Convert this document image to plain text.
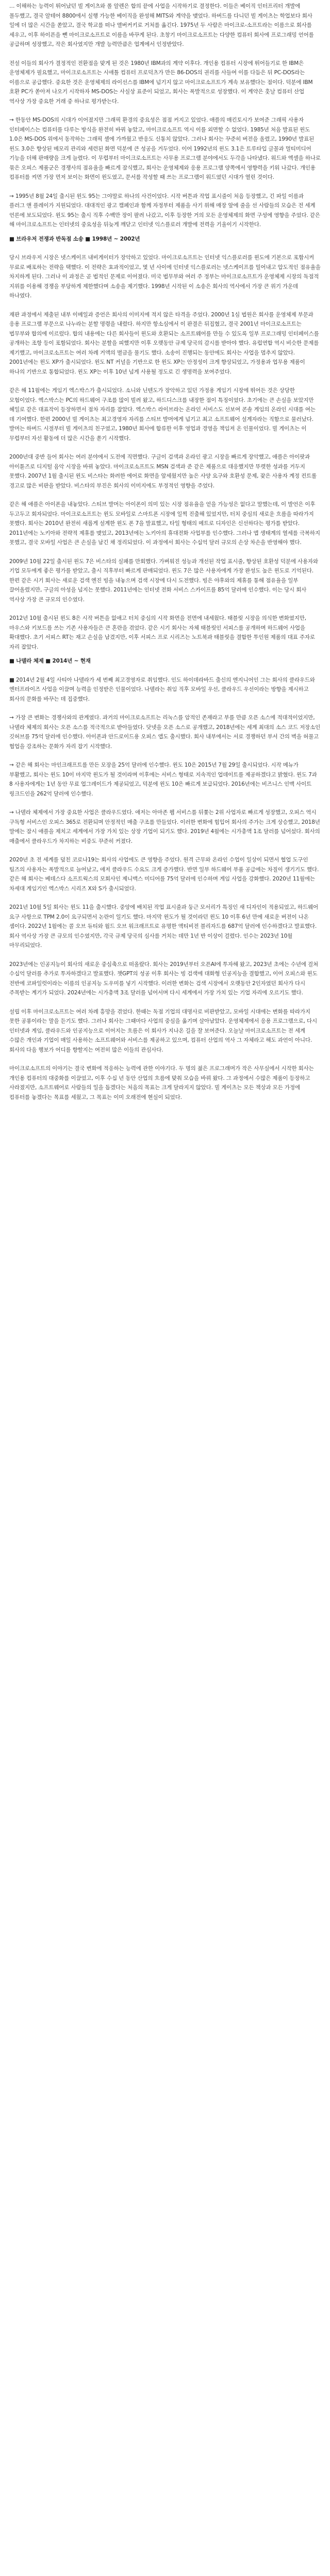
… 이해하는 능력이 뛰어났던 빌 게이츠와 폴 알렌은 합의 끝에 사업을 시작하기로 결정한다. 이들은 베이직 인터프리터 개발에 몰두했고, 결국 알테어 8800에서 실행 가능한 베이직을 완성해 MITS와 계약을 맺었다. 하버드를 다니던 빌 게이츠는 학업보다 회사 일에 더 많은 시간을 쏟았고, 결국 학교를 떠나 앨버커키로 거처를 옮긴다. 1975년 두 사람은 마이크로-소프트라는 이름으로 회사를 세우고, 이후 하이픈을 뺀 마이크로소프트로 이름을 바꾸게 된다. 초창기 마이크로소프트는 다양한 컴퓨터 회사에 프로그래밍 언어를 공급하며 성장했고, 작은 회사였지만 개발 능력만큼은 업계에서 인정받았다.

전설 이들의 회사가 결정적인 전환점을 맞게 된 것은 1980년 IBM과의 계약 이후다. 개인용 컴퓨터 시장에 뛰어들기로 한 IBM은 운영체제가 필요했고, 마이크로소프트는 시애틀 컴퓨터 프로덕츠가 만든 86-DOS의 권리를 사들여 이를 다듬은 뒤 PC-DOS라는 이름으로 공급했다. 중요한 것은 운영체제의 라이선스를 IBM에 넘기지 않고 마이크로소프트가 계속 보유했다는 점이다. 덕분에 IBM 호환 PC가 쏟아져 나오기 시작하자 MS-DOS는 사실상 표준이 되었고, 회사는 폭발적으로 성장했다. 이 계약은 훗날 컴퓨터 산업 역사상 가장 중요한 거래 중 하나로 평가받는다.

→ 한동안 MS-DOS의 시대가 이어졌지만 그래픽 환경의 중요성은 점점 커지고 있었다. 애플의 매킨토시가 보여준 그래픽 사용자 인터페이스는 컴퓨터를 다루는 방식을 완전히 바꿔 놓았고, 마이크로소프트 역시 이를 외면할 수 없었다. 1985년 처음 발표된 윈도 1.0은 MS-DOS 위에서 동작하는 그래픽 셸에 가까웠고 반응도 신통치 않았다. 그러나 회사는 꾸준히 버전을 올렸고, 1990년 발표된 윈도 3.0은 향상된 메모리 관리와 세련된 화면 덕분에 큰 성공을 거두었다. 이어 1992년의 윈도 3.1은 트루타입 글꼴과 멀티미디어 기능을 더해 판매량을 크게 늘렸다. 이 무렵부터 마이크로소프트는 사무용 프로그램 분야에서도 두각을 나타냈다. 워드와 엑셀을 하나로 묶은 오피스 제품군은 경쟁사의 점유율을 빠르게 잠식했고, 회사는 운영체제와 응용 프로그램 양쪽에서 영향력을 키워 나갔다. 개인용 컴퓨터를 켜면 가장 먼저 보이는 화면이 윈도였고, 문서를 작성할 때 쓰는 프로그램이 워드였던 시대가 열린 것이다.

→ 1995년 8월 24일 출시된 윈도 95는 그야말로 하나의 사건이었다. 시작 버튼과 작업 표시줄이 처음 등장했고, 긴 파일 이름과 플러그 앤 플레이가 지원되었다. 대대적인 광고 캠페인과 함께 자정부터 제품을 사기 위해 매장 앞에 줄을 선 사람들의 모습은 전 세계 언론에 보도되었다. 윈도 95는 출시 직후 수백만 장이 팔려 나갔고, 이후 등장한 거의 모든 운영체제의 화면 구성에 영향을 주었다. 같은 해 마이크로소프트는 인터넷의 중요성을 뒤늦게 깨닫고 인터넷 익스플로러 개발에 전력을 기울이기 시작한다.

■ 브라우저 전쟁과 반독점 소송 ■ 1998년 ~ 2002년

당시 브라우저 시장은 넷스케이프 내비게이터가 장악하고 있었다. 마이크로소프트는 인터넷 익스플로러를 윈도에 기본으로 포함시켜 무료로 배포하는 전략을 택했다. 이 전략은 효과적이었고, 몇 년 사이에 인터넷 익스플로러는 넷스케이프를 밀어내고 압도적인 점유율을 차지하게 된다. 그러나 이 과정은 곧 법적인 문제로 이어졌다. 미국 법무부와 여러 주 정부는 마이크로소프트가 운영체제 시장의 독점적 지위를 이용해 경쟁을 부당하게 제한했다며 소송을 제기했다. 1998년 시작된 이 소송은 회사의 역사에서 가장 큰 위기 가운데 하나였다.

재판 과정에서 제출된 내부 이메일과 증언은 회사의 이미지에 적지 않은 타격을 주었다. 2000년 1심 법원은 회사를 운영체제 부문과 응용 프로그램 부문으로 나누라는 분할 명령을 내렸다. 하지만 항소심에서 이 판결은 뒤집혔고, 결국 2001년 마이크로소프트는 법무부와 합의에 이르렀다. 합의 내용에는 다른 회사들이 윈도와 호환되는 소프트웨어를 만들 수 있도록 일부 프로그래밍 인터페이스를 공개하는 조항 등이 포함되었다. 회사는 분할을 피했지만 이후 오랫동안 규제 당국의 감시를 받아야 했다. 유럽연합 역시 비슷한 문제를 제기했고, 마이크로소프트는 여러 차례 거액의 벌금을 물기도 했다. 소송이 진행되는 동안에도 회사는 사업을 멈추지 않았다. 2001년에는 윈도 XP가 출시되었다. 윈도 NT 커널을 기반으로 한 윈도 XP는 안정성이 크게 향상되었고, 가정용과 업무용 제품이 하나의 기반으로 통합되었다. 윈도 XP는 이후 10년 넘게 사용될 정도로 긴 생명력을 보여주었다.

같은 해 11월에는 게임기 엑스박스가 출시되었다. 소니와 닌텐도가 장악하고 있던 가정용 게임기 시장에 뛰어든 것은 상당한 모험이었다. 엑스박스는 PC의 하드웨어 구조를 많이 빌려 왔고, 하드디스크를 내장한 점이 특징이었다. 초기에는 큰 손실을 보았지만 헤일로 같은 대표작이 등장하면서 점차 자리를 잡았다. 엑스박스 라이브라는 온라인 서비스도 선보여 콘솔 게임의 온라인 시대를 여는 데 기여했다. 한편 2000년 빌 게이츠는 최고경영자 자리를 스티브 발머에게 넘기고 최고 소프트웨어 설계자라는 직함으로 물러났다. 발머는 하버드 시절부터 빌 게이츠의 친구였고, 1980년 회사에 합류한 이후 영업과 경영을 책임져 온 인물이었다. 빌 게이츠는 이 무렵부터 자선 활동에 더 많은 시간을 쏟기 시작했다.

2000년대 중반 들어 회사는 여러 분야에서 도전에 직면했다. 구글이 검색과 온라인 광고 시장을 빠르게 장악했고, 애플은 아이팟과 아이튠즈로 디지털 음악 시장을 바꿔 놓았다. 마이크로소프트도 MSN 검색과 준 같은 제품으로 대응했지만 뚜렷한 성과를 거두지 못했다. 2007년 1월 출시된 윈도 비스타는 화려한 에어로 화면을 앞세웠지만 높은 사양 요구와 호환성 문제, 잦은 사용자 계정 컨트롤 경고로 많은 비판을 받았다. 비스타의 부진은 회사의 이미지에도 부정적인 영향을 주었다.

같은 해 애플은 아이폰을 내놓았다. 스티브 발머는 아이폰이 의미 있는 시장 점유율을 얻을 가능성은 없다고 말했는데, 이 발언은 이후 두고두고 회자되었다. 마이크로소프트는 윈도 모바일로 스마트폰 시장에 일찍 진출해 있었지만, 터치 중심의 새로운 흐름을 따라가지 못했다. 회사는 2010년 완전히 새롭게 설계한 윈도 폰 7을 발표했고, 타일 형태의 메트로 디자인은 신선하다는 평가를 받았다. 2011년에는 노키아와 전략적 제휴를 맺었고, 2013년에는 노키아의 휴대전화 사업부를 인수했다. 그러나 앱 생태계의 열세를 극복하지 못했고, 결국 모바일 사업은 큰 손실을 남긴 채 정리되었다. 이 과정에서 회사는 수십억 달러 규모의 손상 차손을 반영해야 했다.

2009년 10월 22일 출시된 윈도 7은 비스타의 실패를 만회했다. 가벼워진 성능과 개선된 작업 표시줄, 향상된 호환성 덕분에 사용자와 기업 모두에게 좋은 평가를 받았고, 출시 직후부터 빠르게 판매되었다. 윈도 7은 많은 사용자에게 가장 완성도 높은 윈도로 기억된다. 한편 같은 시기 회사는 새로운 검색 엔진 빙을 내놓으며 검색 시장에 다시 도전했다. 빙은 야후와의 제휴를 통해 점유율을 일부 끌어올렸지만, 구글의 아성을 넘지는 못했다. 2011년에는 인터넷 전화 서비스 스카이프를 85억 달러에 인수했다. 이는 당시 회사 역사상 가장 큰 규모의 인수였다.

2012년 10월 출시된 윈도 8은 시작 버튼을 없애고 터치 중심의 시작 화면을 전면에 내세웠다. 태블릿 시장을 의식한 변화였지만, 마우스와 키보드를 쓰는 기존 사용자들은 큰 혼란을 겪었다. 같은 시기 회사는 자체 태블릿인 서피스를 공개하며 하드웨어 사업을 확대했다. 초기 서피스 RT는 재고 손실을 남겼지만, 이후 서피스 프로 시리즈는 노트북과 태블릿을 결합한 투인원 제품의 대표 주자로 자리 잡았다.

■ 나델라 체제 ■ 2014년 ~ 현재

■ 2014년 2월 4일 사티아 나델라가 세 번째 최고경영자로 취임했다. 인도 하이데라바드 출신의 엔지니어인 그는 회사의 클라우드와 엔터프라이즈 사업을 이끌며 능력을 인정받은 인물이었다. 나델라는 취임 직후 모바일 우선, 클라우드 우선이라는 방향을 제시하고 회사의 문화를 바꾸는 데 집중했다.

→ 가장 큰 변화는 경쟁사와의 관계였다. 과거의 마이크로소프트는 리눅스를 암적인 존재라고 부를 만큼 오픈 소스에 적대적이었지만, 나델라 체제의 회사는 오픈 소스를 적극적으로 받아들였다. 닷넷을 오픈 소스로 공개했고, 2018년에는 세계 최대의 소스 코드 저장소인 깃허브를 75억 달러에 인수했다. 아이폰과 안드로이드용 오피스 앱도 출시했다. 회사 내부에서는 서로 경쟁하던 부서 간의 벽을 허물고 협업을 강조하는 문화가 자리 잡기 시작했다.

→ 같은 해 회사는 마인크래프트를 만든 모장을 25억 달러에 인수했다. 윈도 10은 2015년 7월 29일 출시되었다. 시작 메뉴가 부활했고, 회사는 윈도 10이 마지막 윈도가 될 것이라며 이후에는 서비스 형태로 지속적인 업데이트를 제공하겠다고 밝혔다. 윈도 7과 8 사용자에게는 1년 동안 무료 업그레이드가 제공되었고, 덕분에 윈도 10은 빠르게 보급되었다. 2016년에는 비즈니스 인맥 사이트 링크드인을 262억 달러에 인수했다.

→ 나델라 체제에서 가장 중요한 사업은 클라우드였다. 애저는 아마존 웹 서비스를 뒤쫓는 2위 사업자로 빠르게 성장했고, 오피스 역시 구독형 서비스인 오피스 365로 전환되며 안정적인 매출 구조를 만들었다. 이러한 변화에 힘입어 회사의 주가는 크게 상승했고, 2018년 말에는 잠시 애플을 제치고 세계에서 가장 가치 있는 상장 기업이 되기도 했다. 2019년 4월에는 시가총액 1조 달러를 넘어섰다. 회사의 매출에서 클라우드가 차지하는 비중도 꾸준히 커졌다.

2020년 초 전 세계를 덮친 코로나19는 회사의 사업에도 큰 영향을 주었다. 원격 근무와 온라인 수업이 일상이 되면서 협업 도구인 팀즈의 사용자는 폭발적으로 늘어났고, 애저 클라우드 수요도 크게 증가했다. 반면 일부 하드웨어 부품 공급에는 차질이 생기기도 했다. 같은 해 회사는 베데스다 소프트웍스의 모회사인 제니맥스 미디어를 75억 달러에 인수하며 게임 사업을 강화했다. 2020년 11월에는 차세대 게임기인 엑스박스 시리즈 X와 S가 출시되었다.

2021년 10월 5일 회사는 윈도 11을 출시했다. 중앙에 배치된 작업 표시줄과 둥근 모서리가 특징인 새 디자인이 적용되었고, 하드웨어 요구 사항으로 TPM 2.0이 요구되면서 논란이 일기도 했다. 마지막 윈도가 될 것이라던 윈도 10 이후 6년 만에 새로운 버전이 나온 셈이다. 2022년 1월에는 콜 오브 듀티와 월드 오브 워크래프트로 유명한 액티비전 블리자드를 687억 달러에 인수하겠다고 발표했다. 회사 역사상 가장 큰 규모의 인수였지만, 각국 규제 당국의 심사를 거치는 데만 1년 반 이상이 걸렸다. 인수는 2023년 10월 마무리되었다.

2023년에는 인공지능이 회사의 새로운 중심축으로 떠올랐다. 회사는 2019년부터 오픈AI에 투자해 왔고, 2023년 초에는 수년에 걸쳐 수십억 달러를 추가로 투자하겠다고 발표했다. 챗GPT의 성공 이후 회사는 빙 검색에 대화형 인공지능을 결합했고, 이어 오피스와 윈도 전반에 코파일럿이라는 이름의 인공지능 도우미를 넣기 시작했다. 이러한 변화는 검색 시장에서 오랫동안 2인자였던 회사가 다시 주목받는 계기가 되었다. 2024년에는 시가총액 3조 달러를 넘어서며 다시 세계에서 가장 가치 있는 기업 자리에 오르기도 했다.

설립 이후 마이크로소프트는 여러 차례 흥망을 겪었다. 한때는 독점 기업의 대명사로 비판받았고, 모바일 시대에는 변화를 따라가지 못한 공룡이라는 말을 듣기도 했다. 그러나 회사는 그때마다 사업의 중심을 옮기며 살아남았다. 운영체제에서 응용 프로그램으로, 다시 인터넷과 게임, 클라우드와 인공지능으로 이어지는 흐름은 이 회사가 지나온 길을 잘 보여준다. 오늘날 마이크로소프트는 전 세계 수많은 개인과 기업이 매일 사용하는 소프트웨어와 서비스를 제공하고 있으며, 컴퓨터 산업의 역사 그 자체라고 해도 과언이 아니다. 회사의 다음 행보가 어디를 향할지는 여전히 많은 이들의 관심사다.

마이크로소프트의 이야기는 결국 변화에 적응하는 능력에 관한 이야기다. 두 명의 젊은 프로그래머가 작은 사무실에서 시작한 회사는 개인용 컴퓨터의 대중화를 이끌었고, 이후 수십 년 동안 산업의 흐름에 맞춰 모습을 바꿔 왔다. 그 과정에서 수많은 제품이 등장하고 사라졌지만, 소프트웨어로 사람들의 일을 돕겠다는 처음의 목표는 크게 달라지지 않았다. 빌 게이츠는 모든 책상과 모든 가정에 컴퓨터를 놓겠다는 목표를 세웠고, 그 목표는 이미 오래전에 현실이 되었다.
